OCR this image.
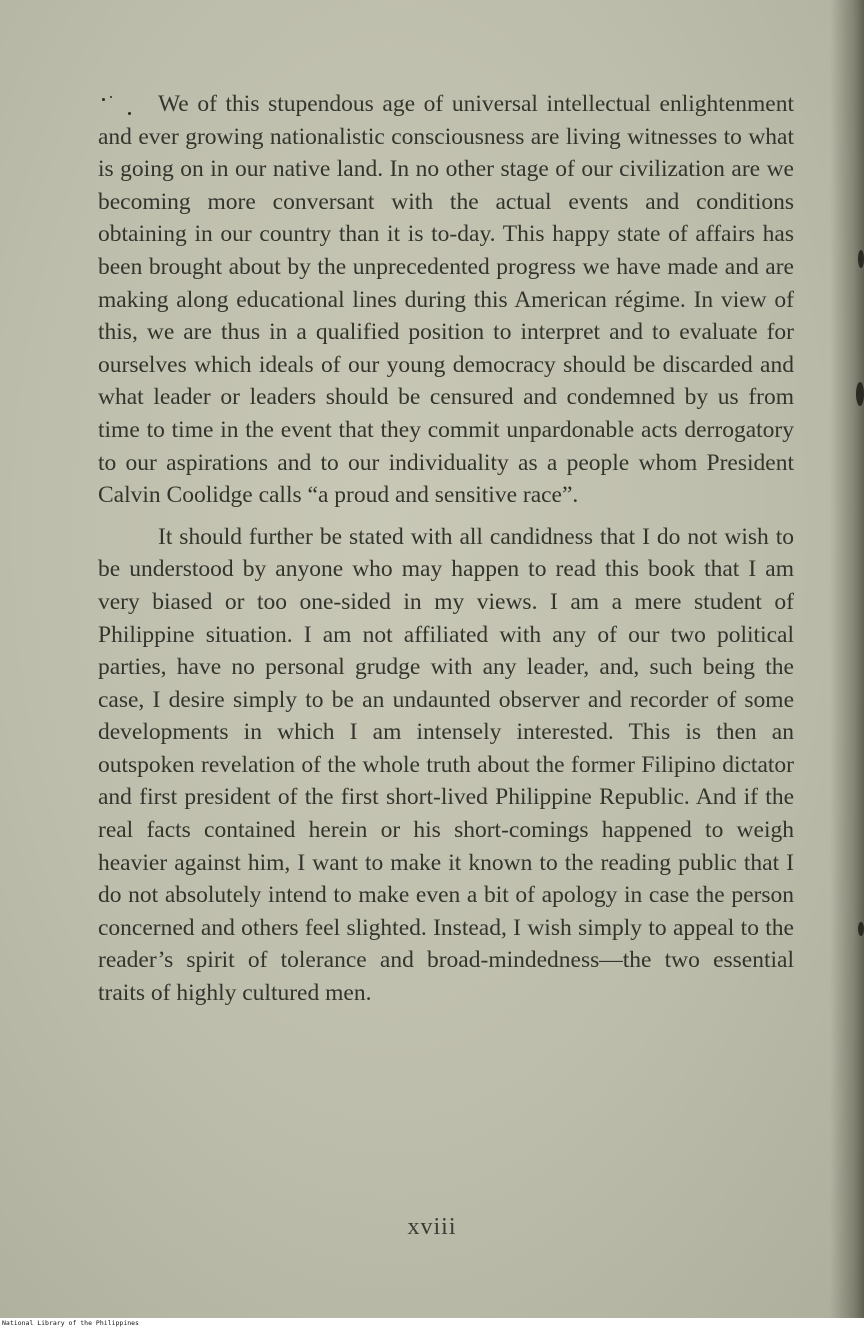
We of this stupendous age of universal intellectual enlightenment and ever growing nationalistic consciousness are living witnesses to what is going on in our native land. In no other stage of our civilization are we becoming more conversant with the actual events and conditions obtaining in our country than it is to-day. This happy state of affairs has been brought about by the unprecedented progress we have made and are making along educational lines during this American régime. In view of this, we are thus in a qualified position to interpret and to evaluate for ourselves which ideals of our young democracy should be discarded and what leader or leaders should be censured and condemned by us from time to time in the event that they commit unpardonable acts derrogatory to our aspirations and to our individuality as a people whom President Calvin Coolidge calls “a proud and sensitive race”.

It should further be stated with all candidness that I do not wish to be understood by anyone who may happen to read this book that I am very biased or too one-sided in my views. I am a mere student of Philippine situation. I am not affiliated with any of our two political parties, have no personal grudge with any leader, and, such being the case, I desire simply to be an undaunted observer and recorder of some developments in which I am intensely interested. This is then an outspoken revelation of the whole truth about the former Filipino dictator and first president of the first short-lived Philippine Republic. And if the real facts contained herein or his short-comings happened to weigh heavier against him, I want to make it known to the reading public that I do not absolutely intend to make even a bit of apology in case the person concerned and others feel slighted. Instead, I wish simply to appeal to the reader’s spirit of tolerance and broad-mindedness—the two essential traits of highly cultured men.

xviii
National Library of the Philippines
